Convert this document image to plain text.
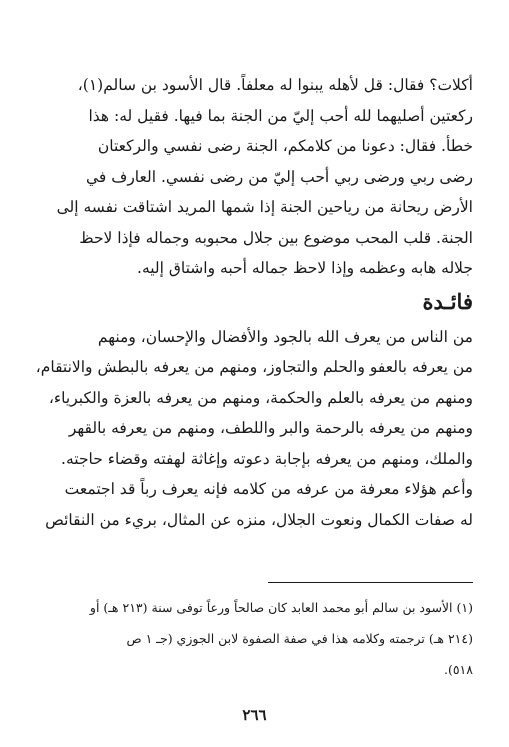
أكلات؟ فقال: قل لأهله يبنوا له معلفاً. قال الأسود بن سالم(١)،
ركعتين أصليهما لله أحب إليّ من الجنة بما فيها. فقيل له: هذا
خطأ. فقال: دعونا من كلامكم، الجنة رضى نفسي والركعتان
رضى ربي ورضى ربي أحب إليّ من رضى نفسي. العارف في
الأرض ريحانة من رياحين الجنة إذا شمها المريد اشتاقت نفسه إلى
الجنة. قلب المحب موضوع بين جلال محبوبه وجماله فإذا لاحظ
جلاله هابه وعظمه وإذا لاحظ جماله أحبه واشتاق إليه.
فائـدة
من الناس من يعرف الله بالجود والأفضال والإحسان، ومنهم
من يعرفه بالعفو والحلم والتجاوز، ومنهم من يعرفه بالبطش والانتقام،
ومنهم من يعرفه بالعلم والحكمة، ومنهم من يعرفه بالعزة والكبرياء،
ومنهم من يعرفه بالرحمة والبر واللطف، ومنهم من يعرفه بالقهر
والملك، ومنهم من يعرفه بإجابة دعوته وإغاثة لهفته وقضاء حاجته.
وأعم هؤلاء معرفة من عرفه من كلامه فإنه يعرف رباً قد اجتمعت
له صفات الكمال ونعوت الجلال، منزه عن المثال، بريء من النقائص
(١) الأسود بن سالم أبو محمد العابد كان صالحاً ورعاً توفى سنة (٢١٣ هـ) أو
(٢١٤ هـ) ترجمته وكلامه هذا في صفة الصفوة لابن الجوزي (جـ ١ ص
٥١٨).
٢٦٦
